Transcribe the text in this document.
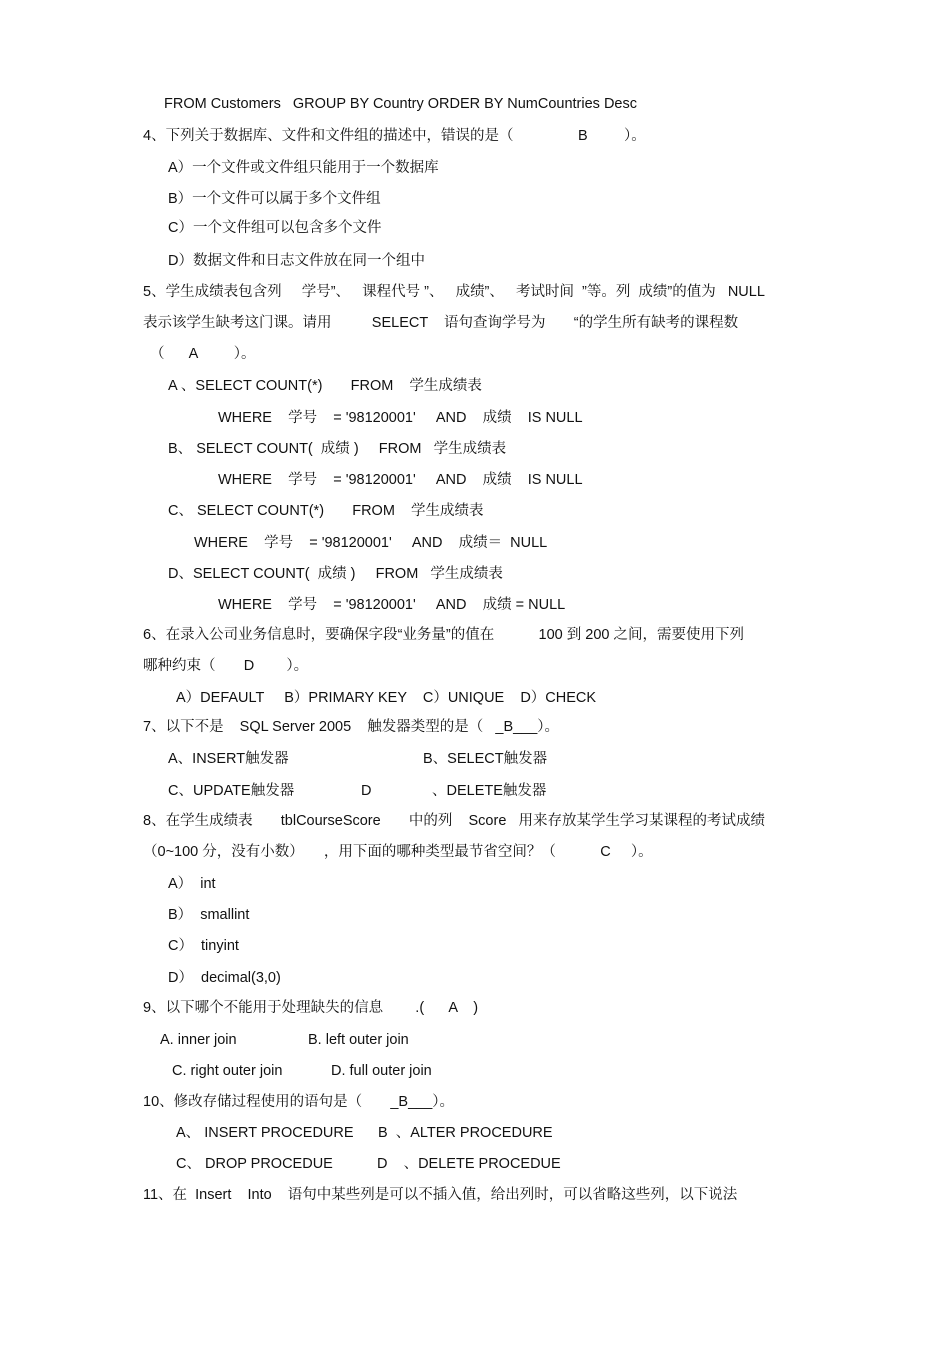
FROM Customers   GROUP BY Country ORDER BY NumCountries Desc
4、下列关于数据库、文件和文件组的描述中，错误的是（                B         ）。
A）一个文件或文件组只能用于一个数据库
B）一个文件可以属于多个文件组
C）一个文件组可以包含多个文件
D）数据文件和日志文件放在同一个组中
5、学生成绩表包含列     学号”、   课程代号 ”、   成绩”、   考试时间  ”等。列  成绩”的值为   NULL
表示该学生缺考这门课。请用          SELECT    语句查询学号为       “的学生所有缺考的课程数
（      A         ）。
A 、SELECT COUNT(*)       FROM    学生成绩表
WHERE    学号    = '98120001'     AND    成绩    IS NULL
B、 SELECT COUNT(  成绩 )     FROM   学生成绩表
WHERE    学号    = '98120001'     AND    成绩    IS NULL
C、 SELECT COUNT(*)       FROM    学生成绩表
WHERE    学号    = '98120001'     AND    成绩＝  NULL
D、SELECT COUNT(  成绩 )     FROM   学生成绩表
WHERE    学号    = '98120001'     AND    成绩 = NULL
6、在录入公司业务信息时，要确保字段“业务量”的值在           100 到 200 之间，需要使用下列
哪种约束（       D        ）。
A）DEFAULT     B）PRIMARY KEY    C）UNIQUE    D）CHECK
7、以下不是    SQL Server 2005    触发器类型的是（   _B___）。
A、INSERT触发器	B、SELECT触发器
C、UPDATE触发器	D	、DELETE触发器
8、在学生成绩表       tblCourseScore       中的列    Score   用来存放某学生学习某课程的考试成绩
（0~100 分，没有小数）     ，用下面的哪种类型最节省空间？（           C     ）。
A）  int
B）  smallint
C）  tinyint
D）  decimal(3,0)
9、以下哪个不能用于处理缺失的信息        .(      A    )
A. inner join	B. left outer join
C. right outer join	D. full outer join
10、修改存储过程使用的语句是（       _B___）。
A、 INSERT PROCEDURE B  、ALTER PROCEDURE
C、 DROP PROCEDUE	D    、DELETE PROCEDUE
11、在  Insert    Into    语句中某些列是可以不插入值，给出列时，可以省略这些列，以下说法
